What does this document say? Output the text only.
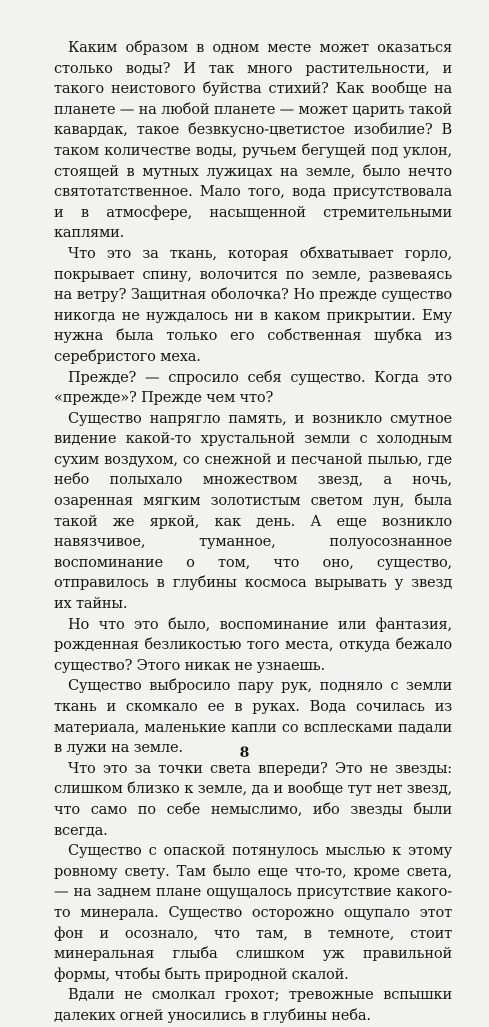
Каким образом в одном месте может оказаться столько воды? И так много растительности, и такого неистового буйства стихий? Как вообще на планете — на любой планете — может царить такой кавардак, такое безвкусно-цветистое изобилие? В таком количестве воды, ручьем бегущей под уклон, стоящей в мутных лужицах на земле, было нечто святотатственное. Мало того, вода присутствовала и в атмосфере, насыщенной стремительными каплями.

Что это за ткань, которая обхватывает горло, покрывает спину, волочится по земле, развеваясь на ветру? Защитная оболочка? Но прежде существо никогда не нуждалось ни в каком прикрытии. Ему нужна была только его собственная шубка из серебристого меха.

Прежде? — спросило себя существо. Когда это «прежде»? Прежде чем что?

Существо напрягло память, и возникло смутное видение какой-то хрустальной земли с холодным сухим воздухом, со снежной и песчаной пылью, где небо полыхало множеством звезд, а ночь, озаренная мягким золотистым светом лун, была такой же яркой, как день. А еще возникло навязчивое, туманное, полуосознанное воспоминание о том, что оно, существо, отправилось в глубины космоса вырывать у звезд их тайны.

Но что это было, воспоминание или фантазия, рожденная безликостью того места, откуда бежало существо? Этого никак не узнаешь.

Существо выбросило пару рук, подняло с земли ткань и скомкало ее в руках. Вода сочилась из материала, маленькие капли со всплесками падали в лужи на земле.

Что это за точки света впереди? Это не звезды: слишком близко к земле, да и вообще тут нет звезд, что само по себе немыслимо, ибо звезды были всегда.

Существо с опаской потянулось мыслью к этому ровному свету. Там было еще что-то, кроме света, — на заднем плане ощущалось присутствие какого-то минерала. Существо осторожно ощупало этот фон и осознало, что там, в темноте, стоит минеральная глыба слишком уж правильной формы, чтобы быть природной скалой.

Вдали не смолкал грохот; тревожные вспышки далеких огней уносились в глубины неба.

8
